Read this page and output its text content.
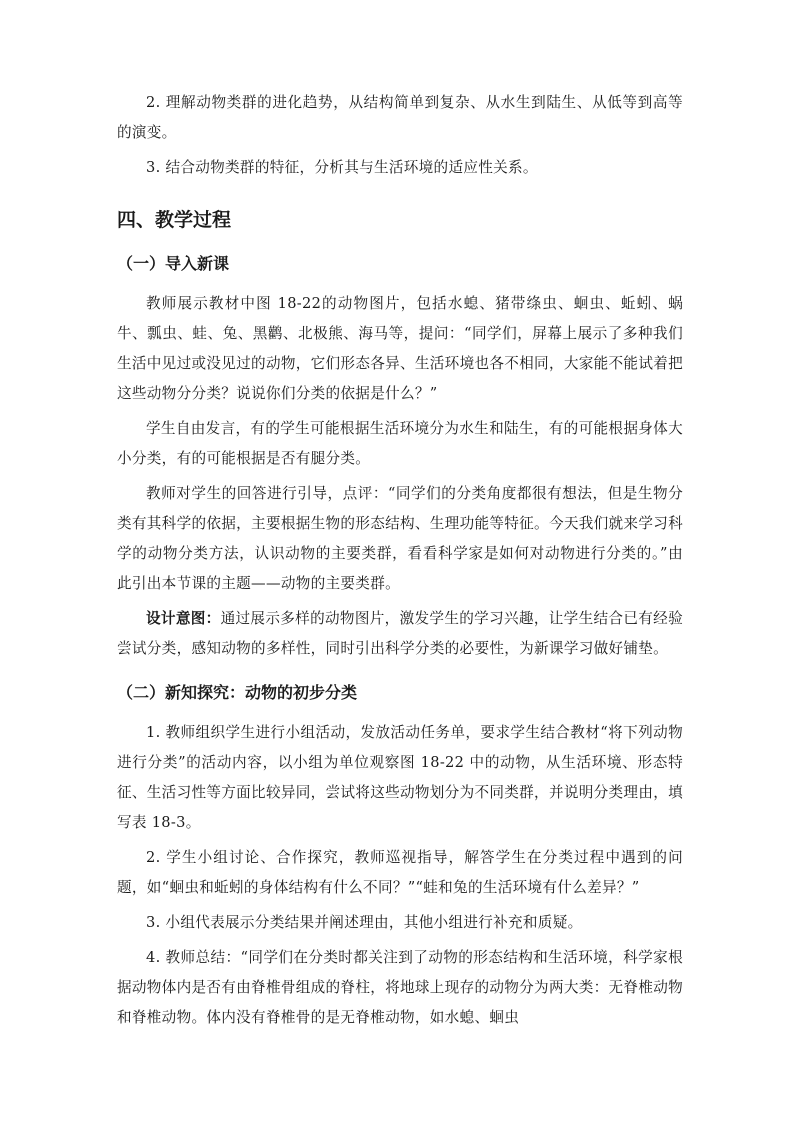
2. 理解动物类群的进化趋势，从结构简单到复杂、从水生到陆生、从低等到高等的演变。

3. 结合动物类群的特征，分析其与生活环境的适应性关系。

四、教学过程
（一）导入新课

教师展示教材中图 18-22的动物图片，包括水螅、猪带绦虫、蛔虫、蚯蚓、蜗牛、瓢虫、蛙、兔、黑鹳、北极熊、海马等，提问：“同学们，屏幕上展示了多种我们生活中见过或没见过的动物，它们形态各异、生活环境也各不相同，大家能不能试着把这些动物分分类？说说你们分类的依据是什么？”

学生自由发言，有的学生可能根据生活环境分为水生和陆生，有的可能根据身体大小分类，有的可能根据是否有腿分类。

教师对学生的回答进行引导，点评：“同学们的分类角度都很有想法，但是生物分类有其科学的依据，主要根据生物的形态结构、生理功能等特征。今天我们就来学习科学的动物分类方法，认识动物的主要类群，看看科学家是如何对动物进行分类的。”由此引出本节课的主题——动物的主要类群。

设计意图：通过展示多样的动物图片，激发学生的学习兴趣，让学生结合已有经验尝试分类，感知动物的多样性，同时引出科学分类的必要性，为新课学习做好铺垫。

（二）新知探究：动物的初步分类

1. 教师组织学生进行小组活动，发放活动任务单，要求学生结合教材“将下列动物进行分类”的活动内容，以小组为单位观察图 18-22 中的动物，从生活环境、形态特征、生活习性等方面比较异同，尝试将这些动物划分为不同类群，并说明分类理由，填写表 18-3。

2. 学生小组讨论、合作探究，教师巡视指导，解答学生在分类过程中遇到的问题，如“蛔虫和蚯蚓的身体结构有什么不同？”“蛙和兔的生活环境有什么差异？”

3. 小组代表展示分类结果并阐述理由，其他小组进行补充和质疑。

4. 教师总结：“同学们在分类时都关注到了动物的形态结构和生活环境，科学家根据动物体内是否有由脊椎骨组成的脊柱，将地球上现存的动物分为两大类：无脊椎动物和脊椎动物。体内没有脊椎骨的是无脊椎动物，如水螅、蛔虫
